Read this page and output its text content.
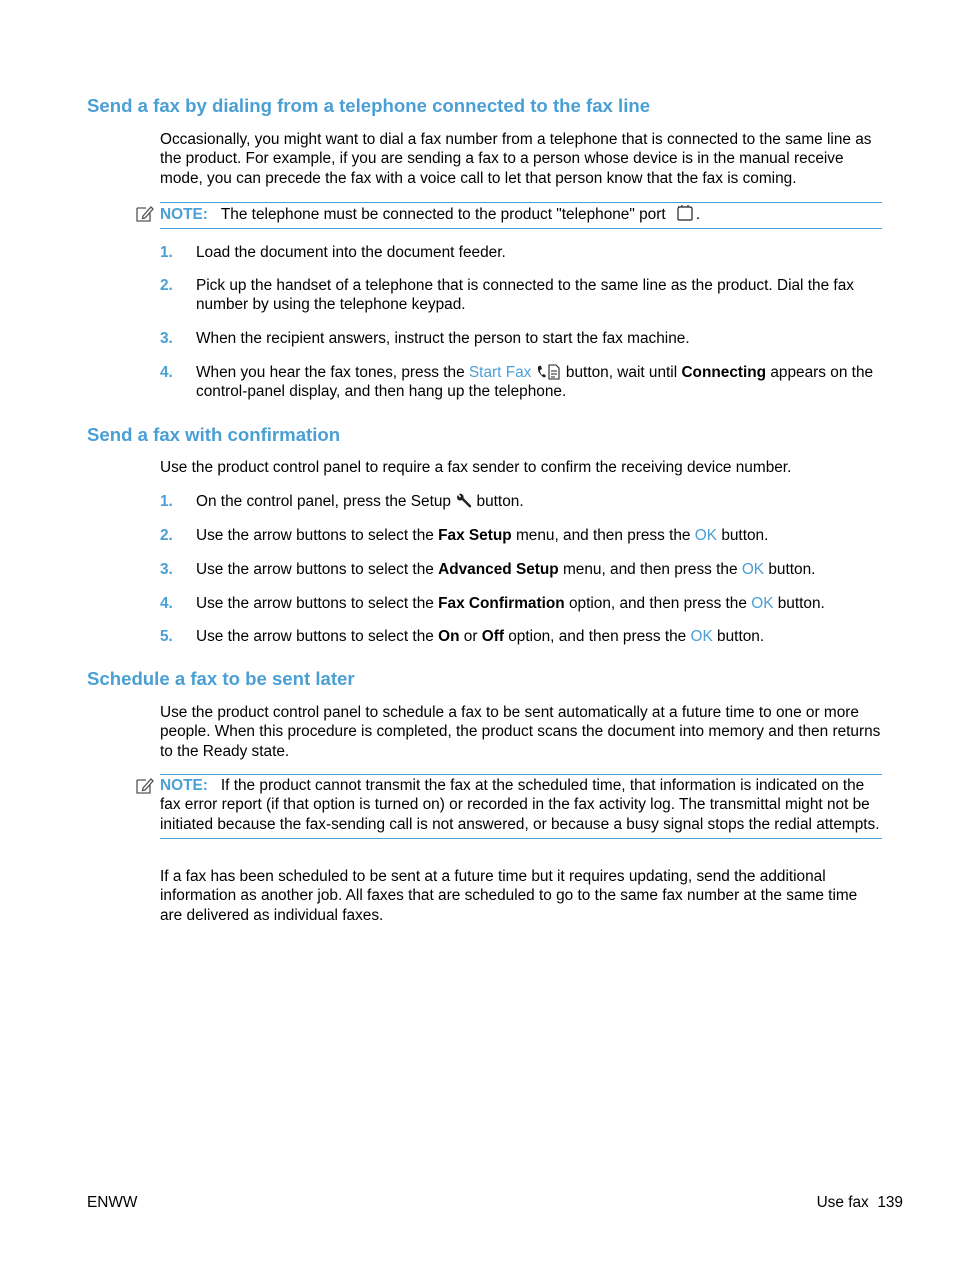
Send a fax by dialing from a telephone connected to the fax line

Occasionally, you might want to dial a fax number from a telephone that is connected to the same line as the product. For example, if you are sending a fax to a person whose device is in the manual receive mode, you can precede the fax with a voice call to let that person know that the fax is coming.

NOTE: The telephone must be connected to the product "telephone" port .
1. Load the document into the document feeder.
2. Pick up the handset of a telephone that is connected to the same line as the product. Dial the fax number by using the telephone keypad.
3. When the recipient answers, instruct the person to start the fax machine.
4. When you hear the fax tones, press the Start Fax button, wait until Connecting appears on the control-panel display, and then hang up the telephone.
Send a fax with confirmation

Use the product control panel to require a fax sender to confirm the receiving device number.

1. On the control panel, press the Setup button.
2. Use the arrow buttons to select the Fax Setup menu, and then press the OK button.
3. Use the arrow buttons to select the Advanced Setup menu, and then press the OK button.
4. Use the arrow buttons to select the Fax Confirmation option, and then press the OK button.
5. Use the arrow buttons to select the On or Off option, and then press the OK button.
Schedule a fax to be sent later

Use the product control panel to schedule a fax to be sent automatically at a future time to one or more people. When this procedure is completed, the product scans the document into memory and then returns to the Ready state.

NOTE: If the product cannot transmit the fax at the scheduled time, that information is indicated on the fax error report (if that option is turned on) or recorded in the fax activity log. The transmittal might not be initiated because the fax-sending call is not answered, or because a busy signal stops the redial attempts.

If a fax has been scheduled to be sent at a future time but it requires updating, send the additional information as another job. All faxes that are scheduled to go to the same fax number at the same time are delivered as individual faxes.

ENWW	Use fax 139
